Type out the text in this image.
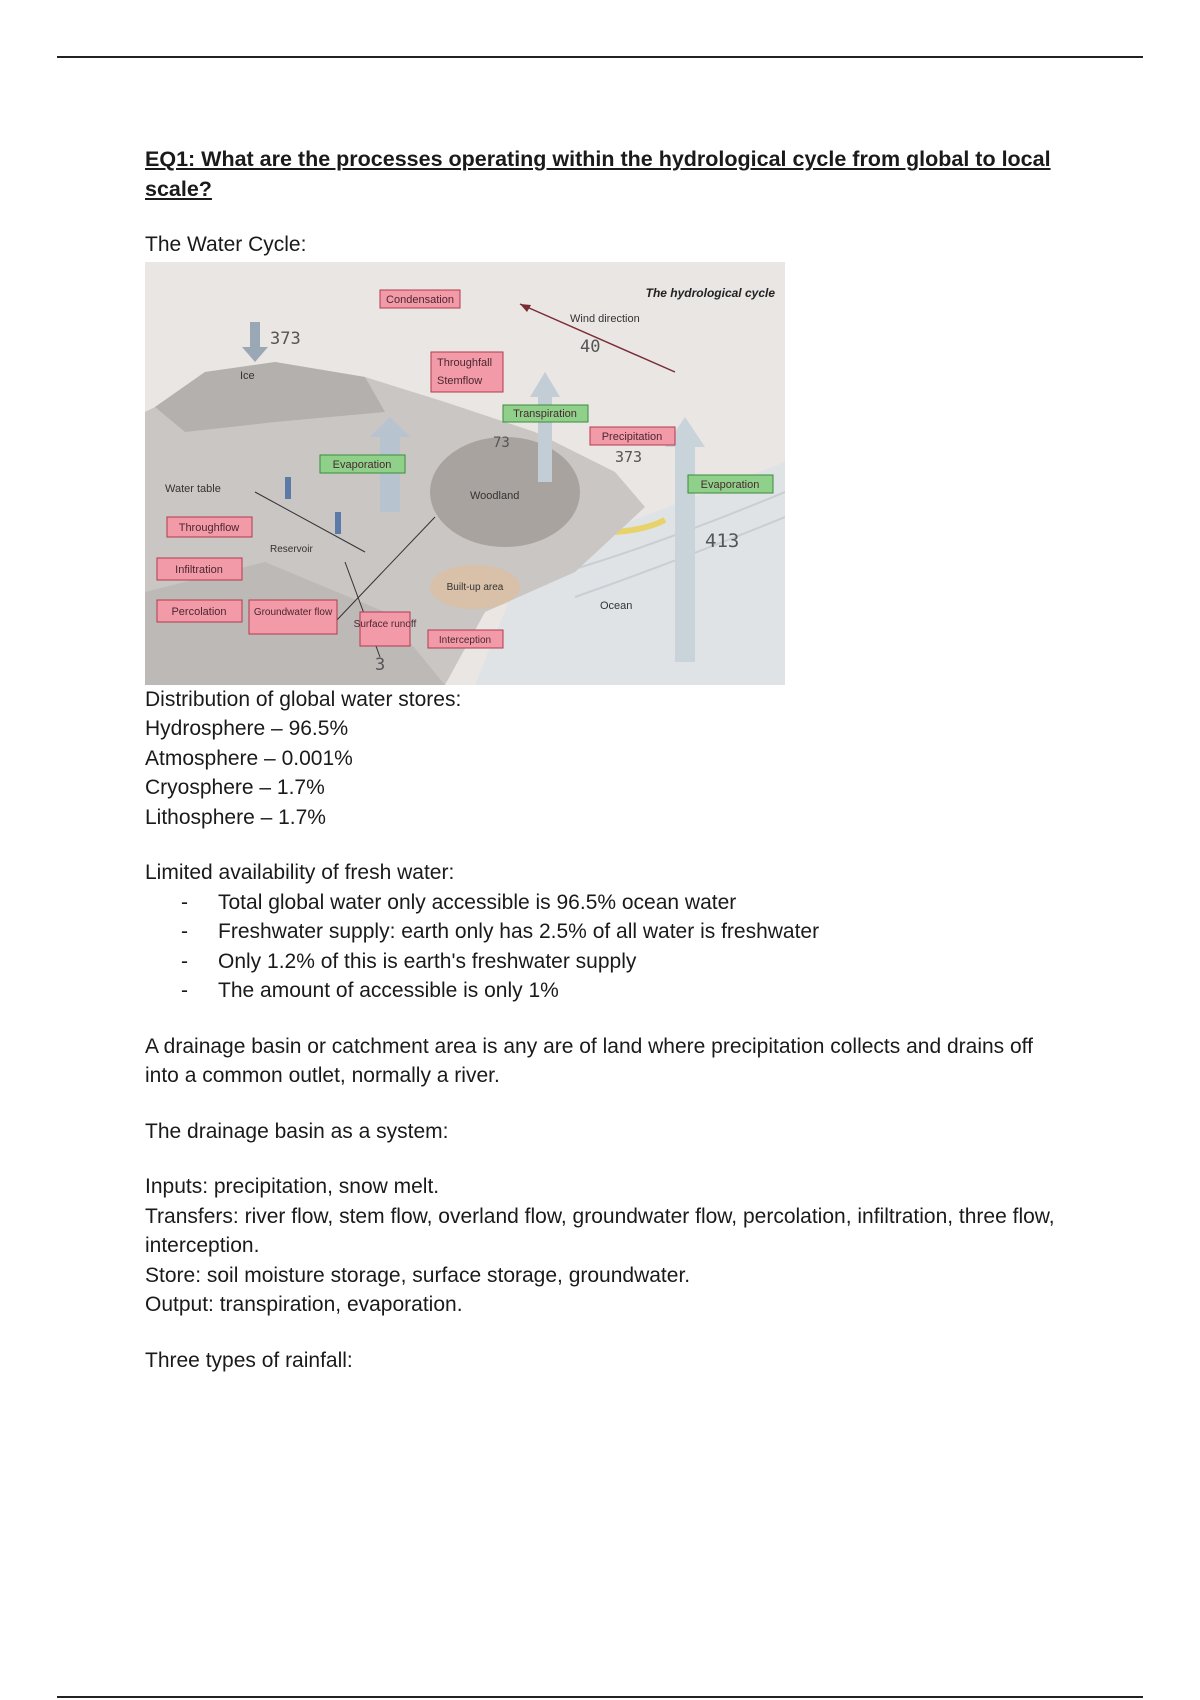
EQ1: What are the processes operating within the hydrological cycle from global to local scale?

The Water Cycle:

The hydrological cycle
Wind direction
Condensation
Throughfall
Stemflow
Transpiration
Precipitation
Evaporation
Evaporation
Water table
Throughflow
Infiltration
Percolation	Groundwater flow
Surface runoff
Interception
Ice
Woodland
Reservoir
Built-up area
Ocean
373	40
73
373
413
3

Distribution of global water stores:

Hydrosphere – 96.5%

Atmosphere – 0.001%

Cryosphere – 1.7%

Lithosphere – 1.7%

Limited availability of fresh water:

- Total global water only accessible is 96.5% ocean water
- Freshwater supply: earth only has 2.5% of all water is freshwater
- Only 1.2% of this is earth's freshwater supply
- The amount of accessible is only 1%

A drainage basin or catchment area is any are of land where precipitation collects and drains off into a common outlet, normally a river.

The drainage basin as a system:

Inputs: precipitation, snow melt.

Transfers: river flow, stem flow, overland flow, groundwater flow, percolation, infiltration, three flow, interception.

Store: soil moisture storage, surface storage, groundwater.

Output: transpiration, evaporation.

Three types of rainfall:
